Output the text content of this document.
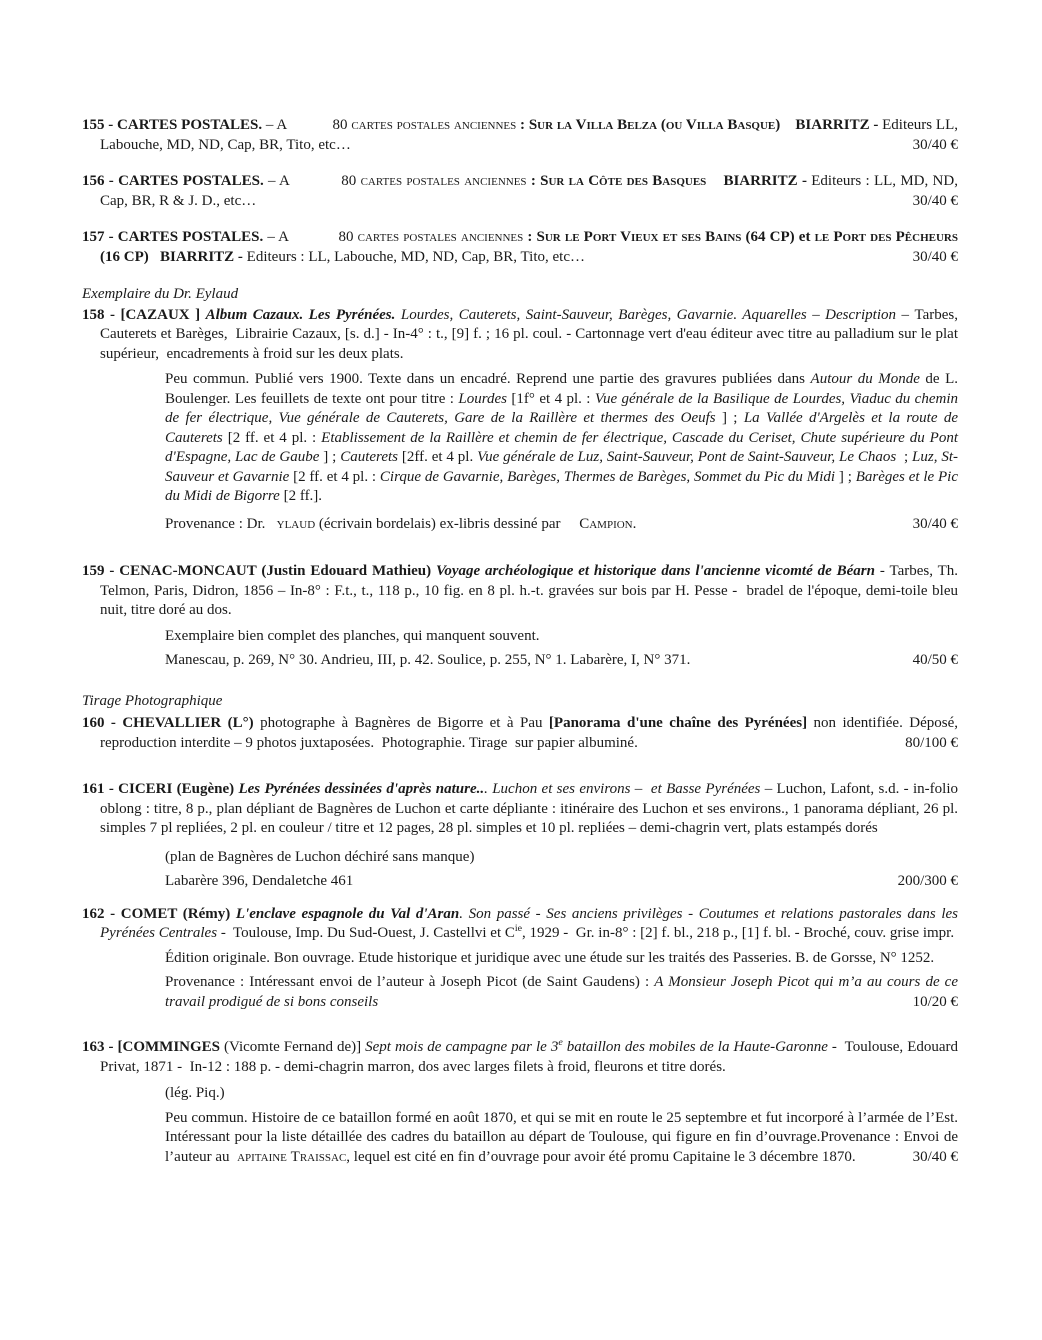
155 - CARTES POSTALES. – A            80 cartes postales anciennes : Sur la Villa Belza (ou Villa Basque)    BIARRITZ - Editeurs LL, Labouche, MD, ND, Cap, BR, Tito, etc…	30/40 €

156 - CARTES POSTALES. – A            80 cartes postales anciennes : Sur la Côte des Basques    BIARRITZ - Editeurs : LL, MD, ND, Cap, BR, R & J. D., etc…	30/40 €

157 - CARTES POSTALES. – A            80 cartes postales anciennes : Sur le Port Vieux et ses Bains (64 CP) et le Port des Pêcheurs (16 CP)   BIARRITZ - Editeurs : LL, Labouche, MD, ND, Cap, BR, Tito, etc…	30/40 €

Exemplaire du Dr. Eylaud

158 - [CAZAUX ] Album Cazaux. Les Pyrénées. Lourdes, Cauterets, Saint-Sauveur, Barèges, Gavarnie. Aquarelles – Description – Tarbes, Cauterets et Barèges,  Librairie Cazaux, [s. d.] - In-4° : t., [9] f. ; 16 pl. coul. - Cartonnage vert d'eau éditeur avec titre au palladium sur le plat supérieur,  encadrements à froid sur les deux plats.

Peu commun. Publié vers 1900. Texte dans un encadré. Reprend une partie des gravures publiées dans Autour du Monde de L. Boulenger. Les feuillets de texte ont pour titre : Lourdes [1f° et 4 pl. : Vue générale de la Basilique de Lourdes, Viaduc du chemin de fer électrique, Vue générale de Cauterets, Gare de la Raillère et thermes des Oeufs ] ; La Vallée d'Argelès et la route de Cauterets [2 ff. et 4 pl. : Etablissement de la Raillère et chemin de fer électrique, Cascade du Ceriset, Chute supérieure du Pont d'Espagne, Lac de Gaube ] ; Cauterets [2ff. et 4 pl. Vue générale de Luz, Saint-Sauveur, Pont de Saint-Sauveur, Le Chaos  ; Luz, St-Sauveur et Gavarnie [2 ff. et 4 pl. : Cirque de Gavarnie, Barèges, Thermes de Barèges, Sommet du Pic du Midi ] ; Barèges et le Pic du Midi de Bigorre [2 ff.].

Provenance : Dr.   ylaud (écrivain bordelais) ex-libris dessiné par     Campion.	30/40 €

159 - CENAC-MONCAUT (Justin Edouard Mathieu) Voyage archéologique et historique dans l'ancienne vicomté de Béarn - Tarbes, Th. Telmon, Paris, Didron, 1856 – In-8° : F.t., t., 118 p., 10 fig. en 8 pl. h.-t. gravées sur bois par H. Pesse -  bradel de l'époque, demi-toile bleu nuit, titre doré au dos.

Exemplaire bien complet des planches, qui manquent souvent.

Manescau, p. 269, N° 30. Andrieu, III, p. 42. Soulice, p. 255, N° 1. Labarère, I, N° 371.	40/50 €

Tirage Photographique

160 - CHEVALLIER (L°) photographe à Bagnères de Bigorre et à Pau [Panorama d'une chaîne des Pyrénées] non identifiée. Déposé, reproduction interdite – 9 photos juxtaposées.  Photographie. Tirage  sur papier albuminé.	80/100 €

161 - CICERI (Eugène) Les Pyrénées dessinées d'après nature... Luchon et ses environs –  et Basse Pyrénées – Luchon, Lafont, s.d. - in-folio oblong : titre, 8 p., plan dépliant de Bagnères de Luchon et carte dépliante : itinéraire des Luchon et ses environs., 1 panorama dépliant, 26 pl. simples 7 pl repliées, 2 pl. en couleur / titre et 12 pages, 28 pl. simples et 10 pl. repliées – demi-chagrin vert, plats estampés dorés

(plan de Bagnères de Luchon déchiré sans manque)

Labarère 396, Dendaletche 461	200/300 €

162 - COMET (Rémy) L'enclave espagnole du Val d'Aran. Son passé - Ses anciens privilèges - Coutumes et relations pastorales dans les Pyrénées Centrales -  Toulouse, Imp. Du Sud-Ouest, J. Castellvi et $C^{ie}$, 1929 -  Gr. in-8° : [2] f. bl., 218 p., [1] f. bl. - Broché, couv. grise impr.

Édition originale. Bon ouvrage. Etude historique et juridique avec une étude sur les traités des Passeries. B. de Gorsse, N° 1252.

Provenance : Intéressant envoi de l’auteur à Joseph Picot (de Saint Gaudens) : A Monsieur Joseph Picot qui m’a au cours de ce travail prodigué de si bons conseils	10/20 €

163 - [COMMINGES (Vicomte Fernand de)] Sept mois de campagne par le 3e bataillon des mobiles de la Haute-Garonne -  Toulouse, Edouard Privat, 1871 -  In-12 : 188 p. - demi-chagrin marron, dos avec larges filets à froid, fleurons et titre dorés.

(lég. Piq.)

Peu commun. Histoire de ce bataillon formé en août 1870, et qui se mit en route le 25 septembre et fut incorporé à l’armée de l’Est. Intéressant pour la liste détaillée des cadres du bataillon au départ de Toulouse, qui figure en fin d’ouvrage.Provenance : Envoi de l’auteur au  apitaine Traissac, lequel est cité en fin d’ouvrage pour avoir été promu Capitaine le 3 décembre 1870.	30/40 €
